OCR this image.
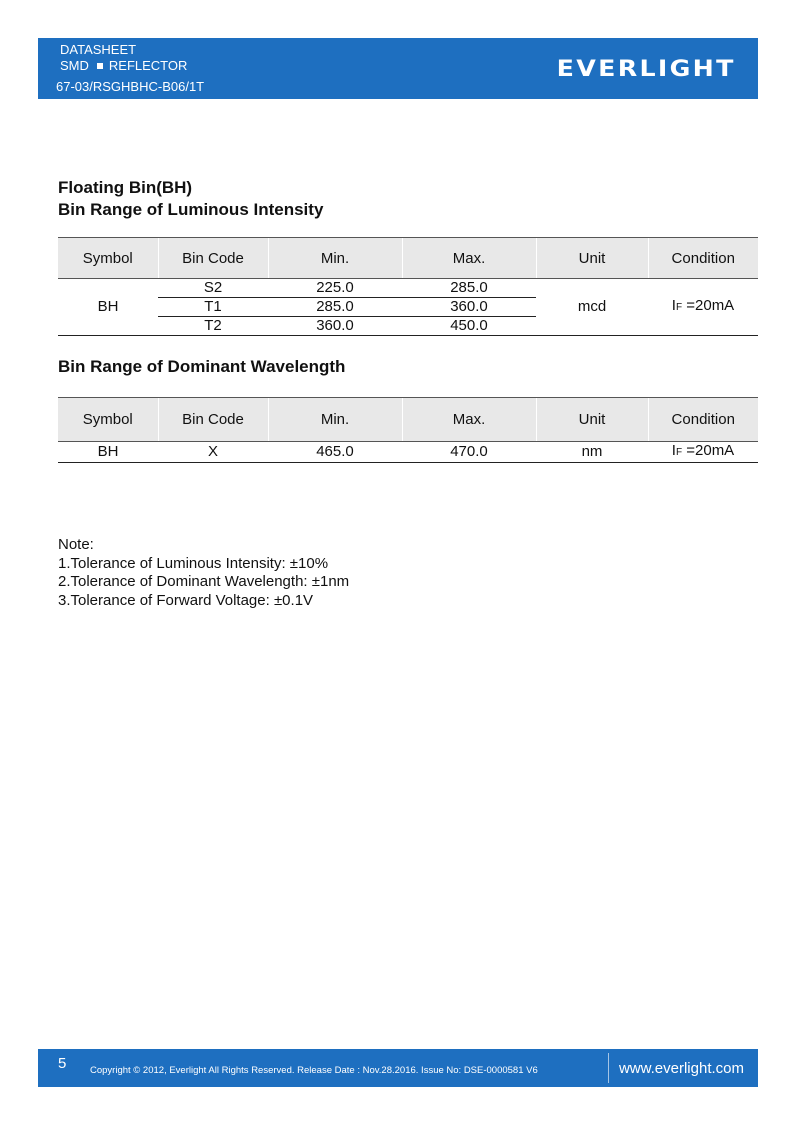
DATASHEET
SMD REFLECTOR
67-03/RSGHBHC-B06/1T
EVERLIGHT
Floating Bin(BH)
Bin Range of Luminous Intensity
Symbol	Bin Code	Min.	Max.	Unit	Condition
BH	S2	225.0	285.0	mcd	IF =20mA
	T1	285.0	360.0		
	T2	360.0	450.0		
Bin Range of Dominant Wavelength
Symbol	Bin Code	Min.	Max.	Unit	Condition
BH	X	465.0	470.0	nm	IF =20mA
Note:
1.Tolerance of Luminous Intensity: ±10%
2.Tolerance of Dominant Wavelength: ±1nm
3.Tolerance of Forward Voltage: ±0.1V
5 Copyright © 2012, Everlight All Rights Reserved. Release Date : Nov.28.2016. Issue No: DSE-0000581 V6	www.everlight.com
